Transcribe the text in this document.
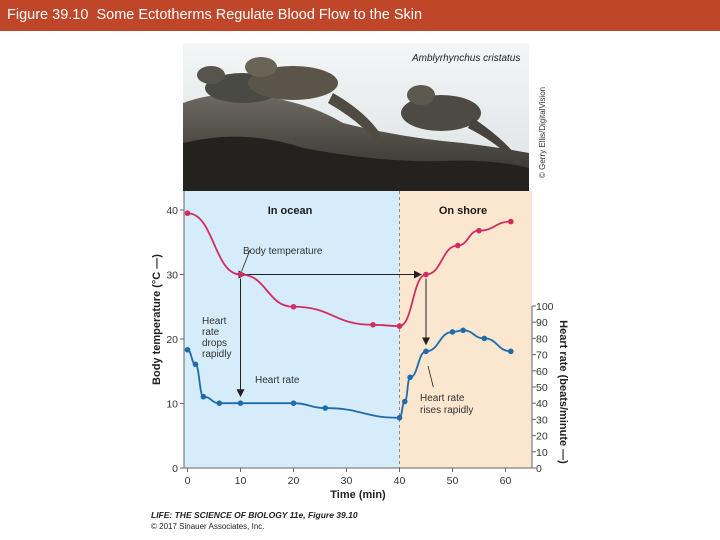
Figure 39.10  Some Ectotherms Regulate Blood Flow to the Skin
Amblyrhynchus cristatus
© Gerry Ellis/DigitalVision
0	10	20	30	40	50	60
0
10
20
30
40
0
10
20
30
40
50
60
70
80
90
100
Time (min)
Body temperature (°C —)
Heart rate (beats/minute —)
In ocean	On shore
Body temperature
Heart
rate
drops
rapidly
Heart rate
Heart rate
rises rapidly
LIFE: THE SCIENCE OF BIOLOGY 11e, Figure 39.10
© 2017 Sinauer Associates, Inc.
